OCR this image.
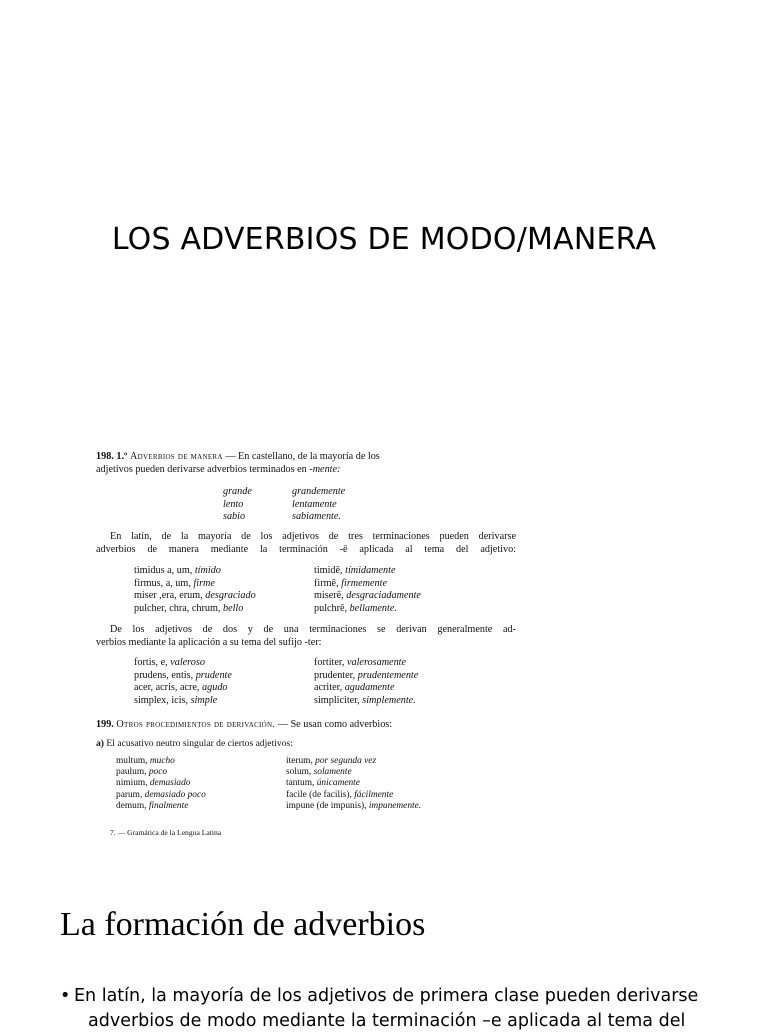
LOS ADVERBIOS DE MODO/MANERA
198. 1.º Adverbios de manera — En castellano, de la mayoría de los
adjetivos pueden derivarse adverbios terminados en -mente:
grande
lento
sabio
grandemente
lentamente
sabiamente.
En latín, de la mayoría de los adjetivos de tres terminaciones pueden derivarse
adverbios de manera mediante la terminación -ē aplicada al tema del adjetivo:
timidus a, um, tímido
firmus, a, um, firme
miser ,era, erum, desgraciado
pulcher, chra, chrum, bello
timidē, tímidamente
firmē, firmemente
miserē, desgraciadamente
pulchrē, bellamente.
De los adjetivos de dos y de una terminaciones se derivan generalmente ad-
verbios mediante la aplicación a su tema del sufijo -ter:
fortis, e, valeroso
prudens, entis, prudente
acer, acris, acre, agudo
simplex, icis, simple
fortiter, valerosamente
prudenter, prudentemente
acriter, agudamente
simpliciter, simplemente.
199. Otros procedimientos de derivación. — Se usan como adverbios:
a) El acusativo neutro singular de ciertos adjetivos:
multum, mucho
paulum, poco
nimium, demasiado
parum, demasiado poco
demum, finalmente
iterum, por segunda vez
solum, solamente
tantum, únicamente
facile (de facilis), fácilmente
impune (de impunis), impunemente.
7. — Gramática de la Lengua Latina
La formación de adverbios
• En latín, la mayoría de los adjetivos de primera clase pueden derivarse
adverbios de modo mediante la terminación –e aplicada al tema del
